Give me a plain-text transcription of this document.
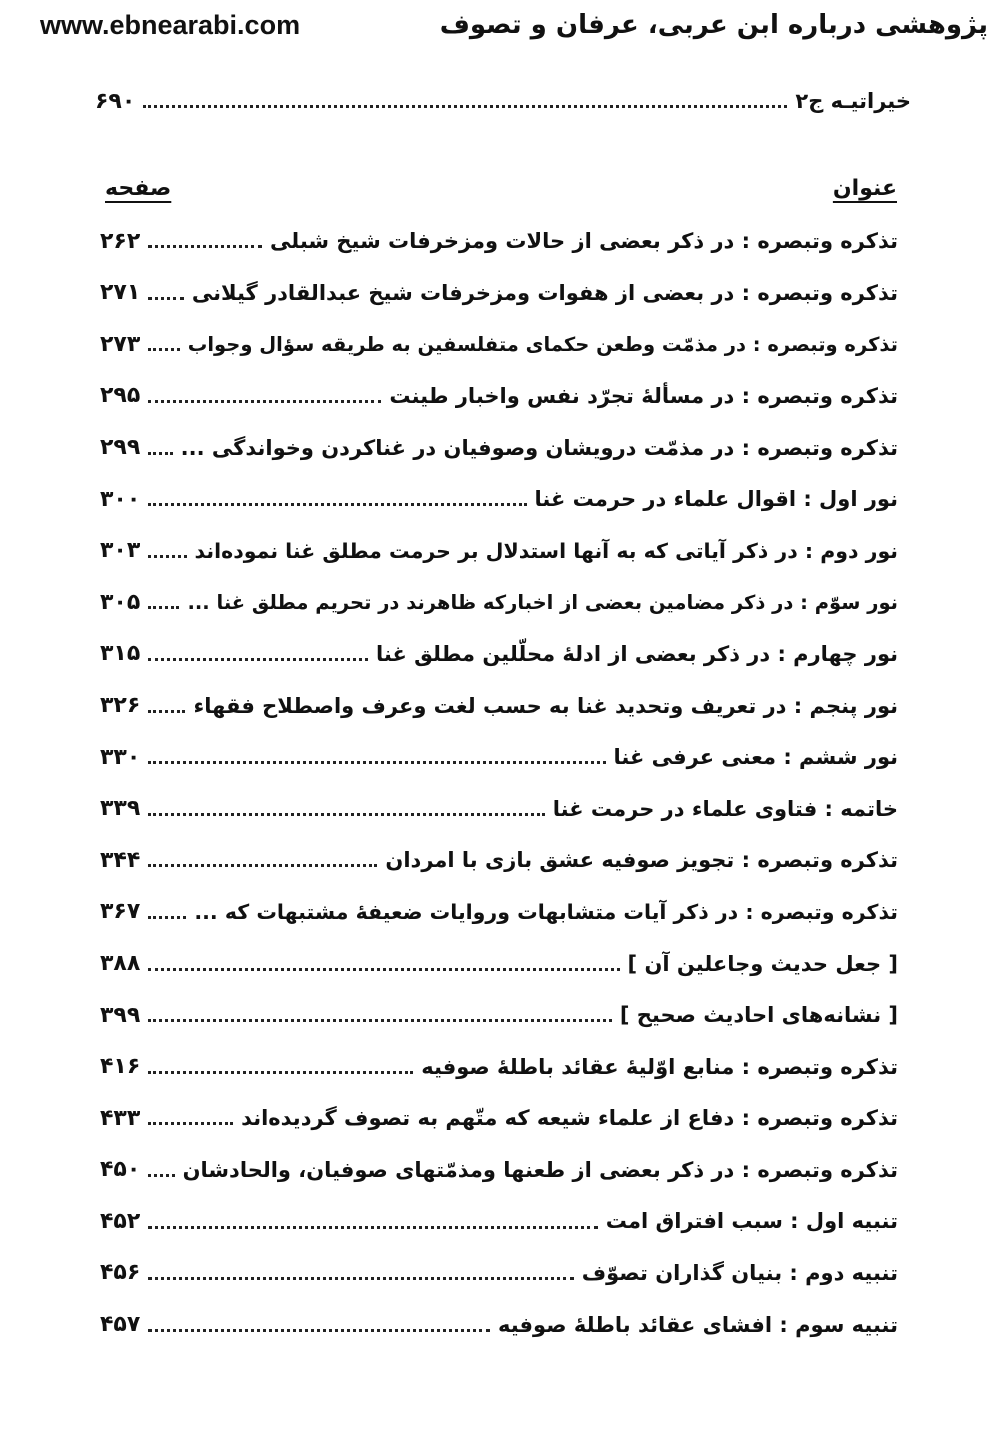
www.ebnearabi.com	پژوهشی درباره ابن عربی، عرفان و تصوف
خیراتیـه ج۲
۶۹۰
عنوان
صفحه
تذکره وتبصره : در ذکر بعضی از حالات ومزخرفات شیخ شبلی
۲۶۲
تذکره وتبصره : در بعضی از هفوات ومزخرفات شیخ عبدالقادر گیلانی
۲۷۱
تذکره وتبصره : در مذمّت وطعن حکمای متفلسفین به طریقه سؤال وجواب
۲۷۳
تذکره وتبصره : در مسألهٔ تجرّد نفس واخبار طینت
۲۹۵
تذکره وتبصره : در مذمّت درویشان وصوفیان در غناکردن وخواندگی ...
۲۹۹
نور اول : اقوال علماء در حرمت غنا
۳۰۰
نور دوم : در ذکر آیاتی که به آنها استدلال بر حرمت مطلق غنا نموده‌اند
۳۰۳
نور سوّم : در ذکر مضامین بعضی از اخبارکه ظاهرند در تحریم مطلق غنا ...
۳۰۵
نور چهارم : در ذکر بعضی از ادلهٔ محلّلین مطلق غنا
۳۱۵
نور پنجم : در تعریف وتحدید غنا به حسب لغت وعرف واصطلاح فقهاء
۳۲۶
نور ششم : معنی عرفی غنا
۳۳۰
خاتمه : فتاوی علماء در حرمت غنا
۳۳۹
تذکره وتبصره : تجویز صوفیه عشق بازی با امردان
۳۴۴
تذکره وتبصره : در ذکر آیات متشابهات وروایات ضعیفهٔ مشتبهات که ...
۳۶۷
[ جعل حدیث وجاعلین آن ]
۳۸۸
[ نشانه‌های احادیث صحیح ]
۳۹۹
تذکره وتبصره : منابع اوّلیهٔ عقائد باطلهٔ صوفیه
۴۱۶
تذکره وتبصره : دفاع از علماء شیعه که متّهم به تصوف گردیده‌اند
۴۳۳
تذکره وتبصره : در ذکر بعضی از طعنها ومذمّتهای صوفیان، والحادشان
۴۵۰
تنبیه اول : سبب افتراق امت
۴۵۲
تنبیه دوم : بنیان گذاران تصوّف
۴۵۶
تنبیه سوم : افشای عقائد باطلهٔ صوفیه
۴۵۷
